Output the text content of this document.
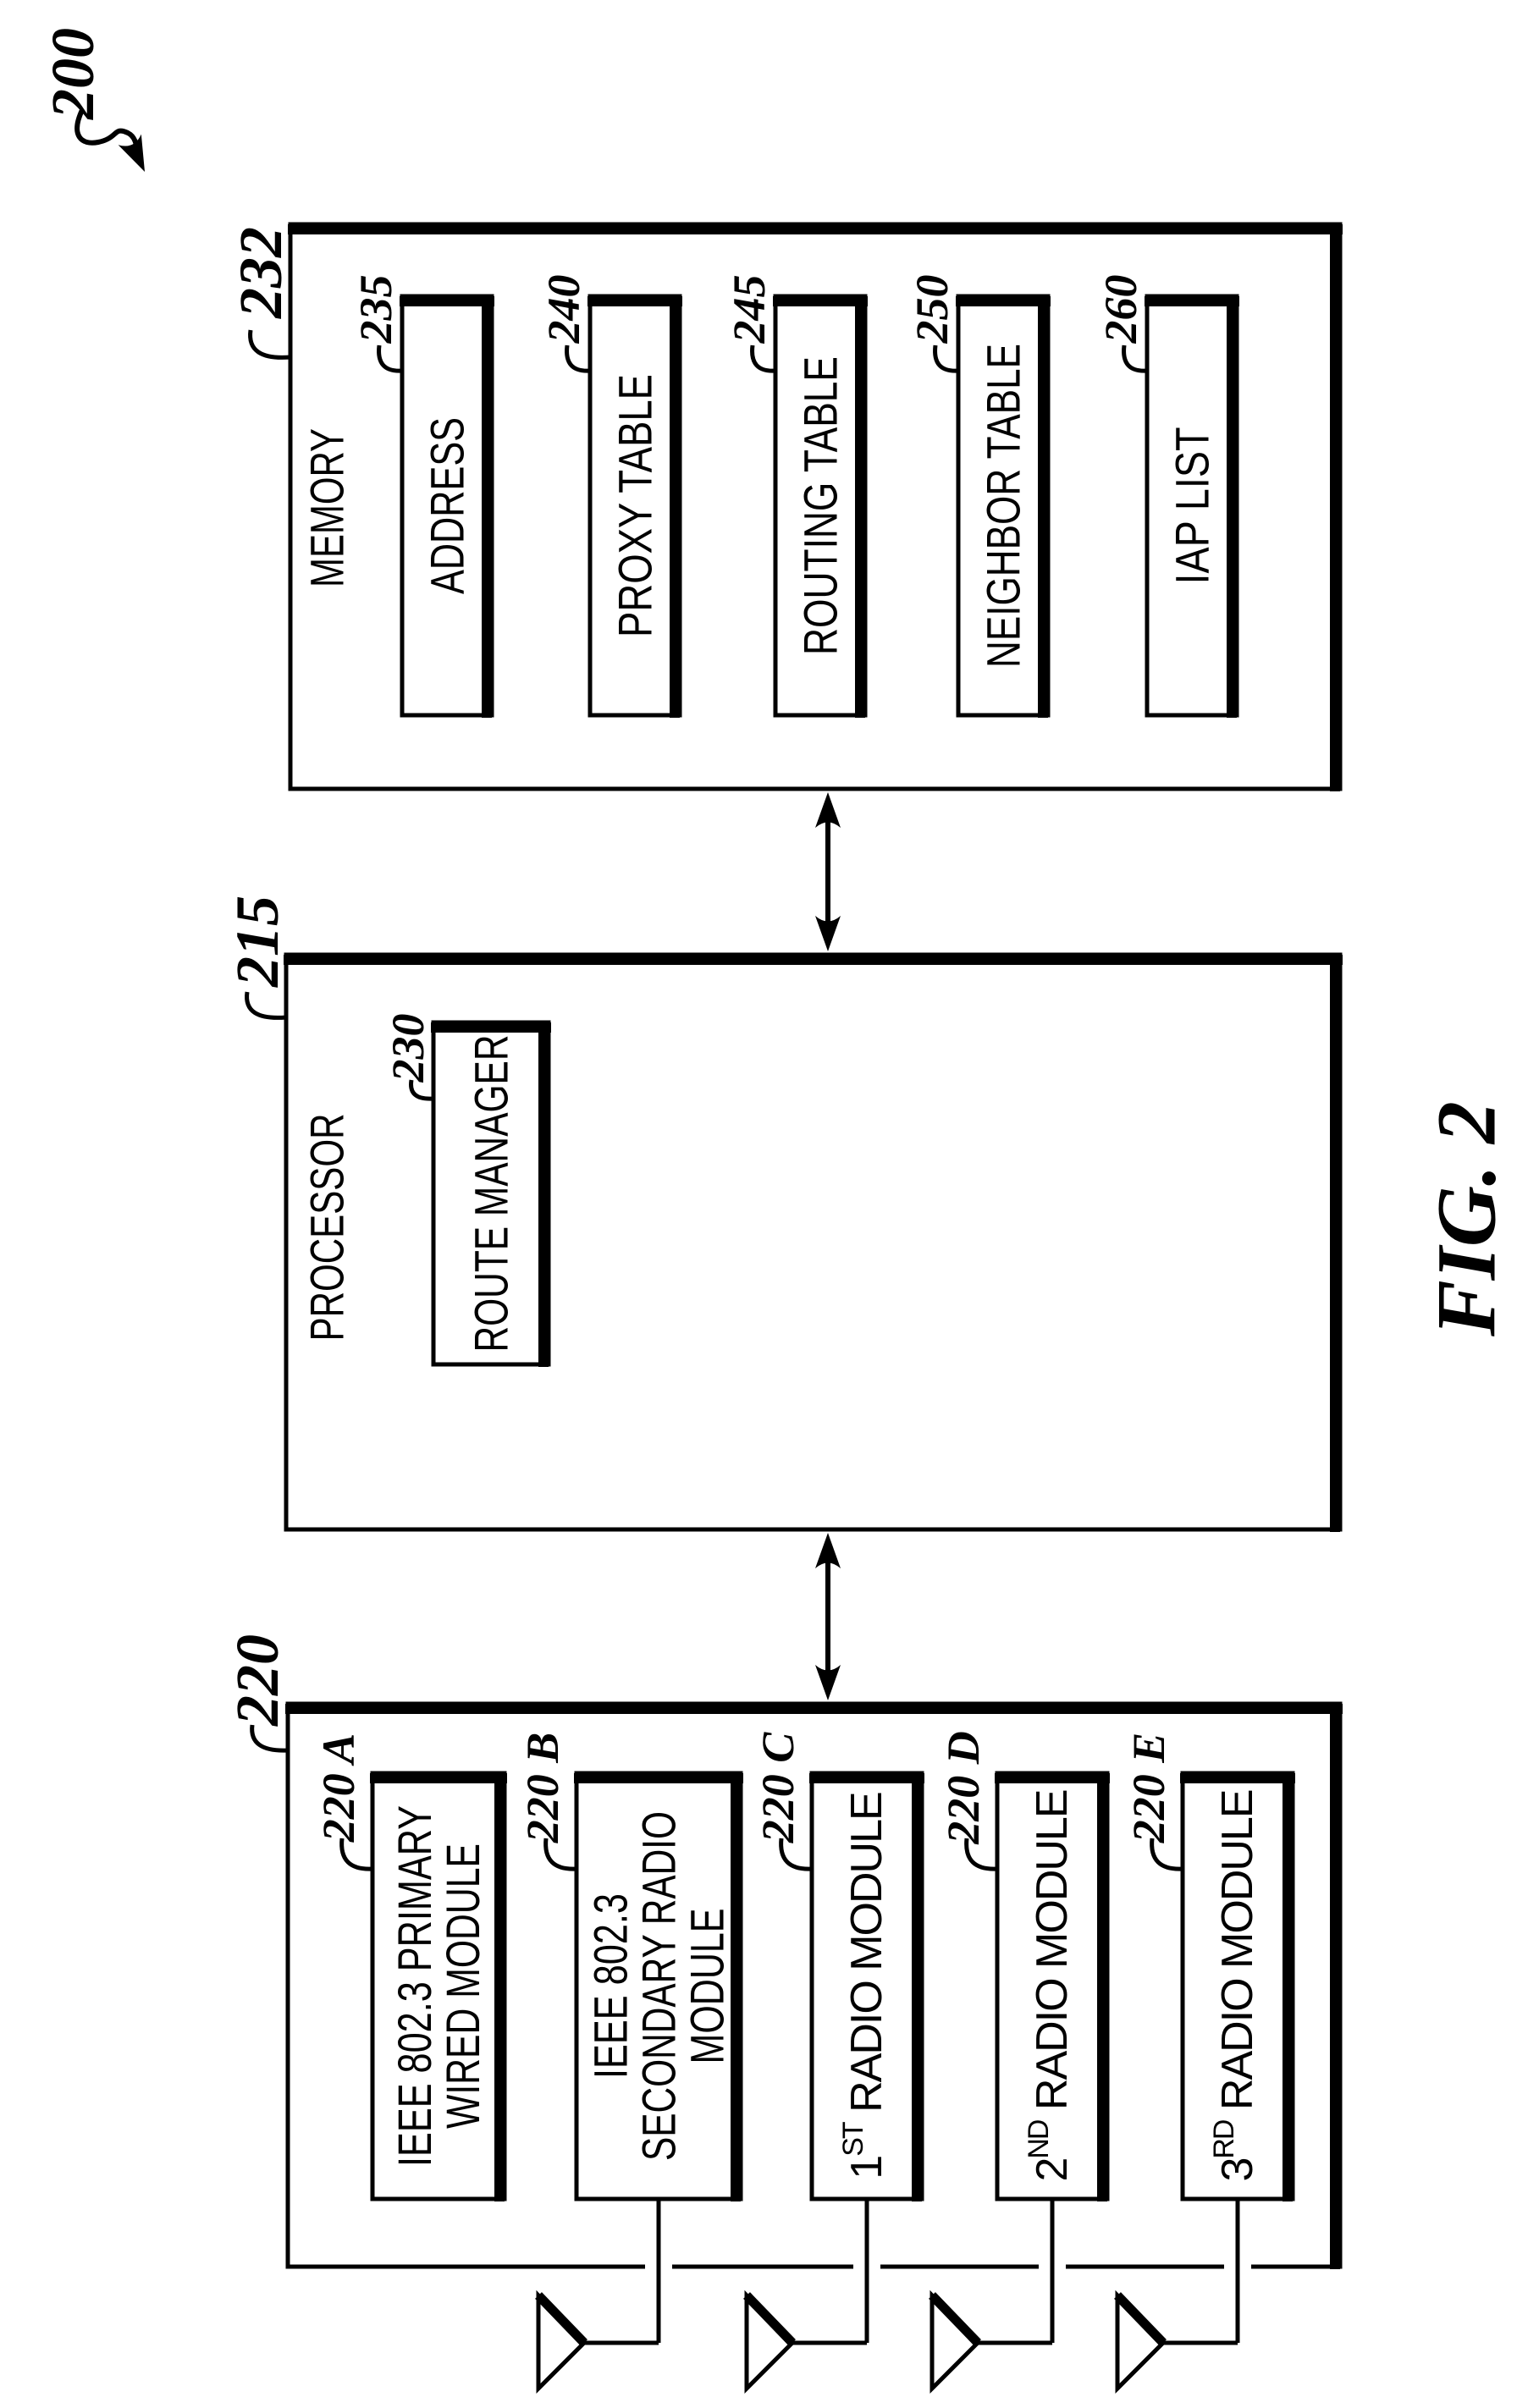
200
232
215
220
MEMORY
PROCESSOR	FIG. 2
ADDRESS
235
PROXY TABLE
240	ROUTING TABLE
245	NEIGHBOR TABLE
250
IAP LIST
260
ROUTE MANAGER
230
IEEE 802.3 PRIMARY
WIRED MODULE
220 A
IEEE 802.3
SECONDARY RADIO
MODULE
220 B
1ST RADIO MODULE
220 C
2ND RADIO MODULE
220 D
3RD RADIO MODULE
220 E
